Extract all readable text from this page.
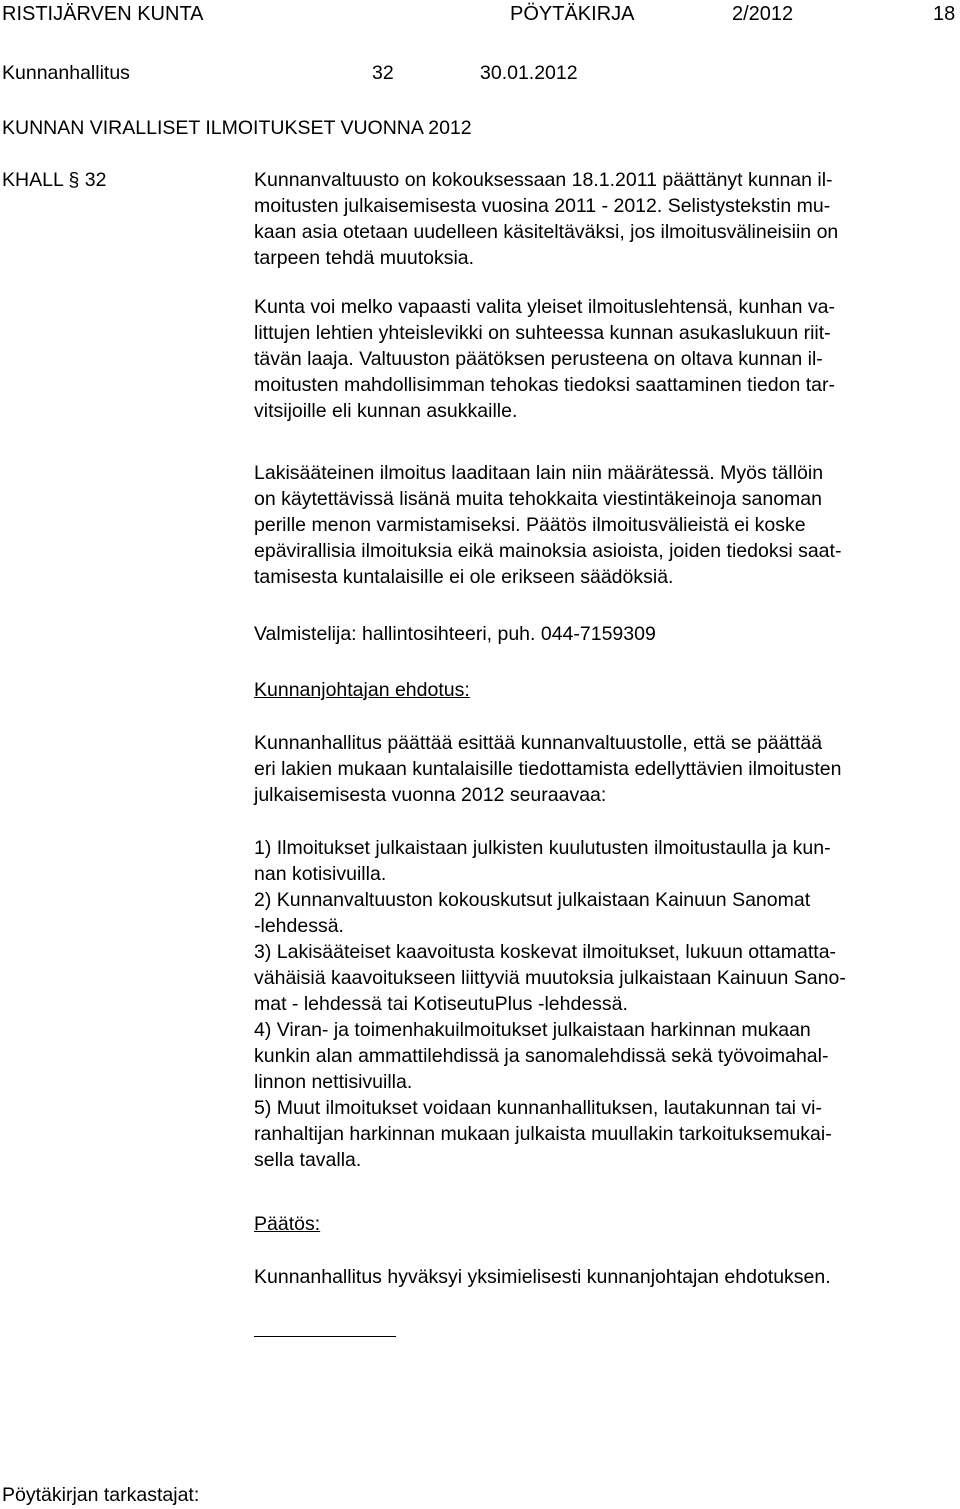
RISTIJÄRVEN KUNTA	PÖYTÄKIRJA	2/2012	18
Kunnanhallitus	32	30.01.2012
KUNNAN VIRALLISET ILMOITUKSET VUONNA 2012
KHALL § 32	Kunnanvaltuusto on kokouksessaan 18.1.2011 päättänyt kunnan il-

moitusten julkaisemisesta vuosina 2011 - 2012. Selistystekstin mu-

kaan asia otetaan uudelleen käsiteltäväksi, jos ilmoitusvälineisiin on

tarpeen tehdä muutoksia.

Kunta voi melko vapaasti valita yleiset ilmoituslehtensä, kunhan va-

littujen lehtien yhteislevikki on suhteessa kunnan asukaslukuun riit-

tävän laaja. Valtuuston päätöksen perusteena on oltava kunnan il-

moitusten mahdollisimman tehokas tiedoksi saattaminen tiedon tar-

vitsijoille eli kunnan asukkaille.

Lakisääteinen ilmoitus laaditaan lain niin määrätessä. Myös tällöin

on käytettävissä lisänä muita tehokkaita viestintäkeinoja sanoman

perille menon varmistamiseksi. Päätös ilmoitusvälieistä ei koske

epävirallisia ilmoituksia eikä mainoksia asioista, joiden tiedoksi saat-

tamisesta kuntalaisille ei ole erikseen säädöksiä.

Valmistelija: hallintosihteeri, puh. 044-7159309

Kunnanjohtajan ehdotus:

Kunnanhallitus päättää esittää kunnanvaltuustolle, että se päättää

eri lakien mukaan kuntalaisille tiedottamista edellyttävien ilmoitusten

julkaisemisesta vuonna 2012 seuraavaa:

1) Ilmoitukset julkaistaan julkisten kuulutusten ilmoitustaulla ja kun-

nan kotisivuilla.

2) Kunnanvaltuuston kokouskutsut julkaistaan Kainuun Sanomat

-lehdessä.

3) Lakisääteiset kaavoitusta koskevat ilmoitukset, lukuun ottamatta-

vähäisiä kaavoitukseen liittyviä muutoksia julkaistaan Kainuun Sano-

mat - lehdessä tai KotiseutuPlus -lehdessä.

4) Viran- ja toimenhakuilmoitukset julkaistaan harkinnan mukaan

kunkin alan ammattilehdissä ja sanomalehdissä sekä työvoimahal-

linnon nettisivuilla.

5) Muut ilmoitukset voidaan kunnanhallituksen, lautakunnan tai vi-

ranhaltijan harkinnan mukaan julkaista muullakin tarkoituksemukai-

sella tavalla.

Päätös:

Kunnanhallitus hyväksyi yksimielisesti kunnanjohtajan ehdotuksen.

Pöytäkirjan tarkastajat:
